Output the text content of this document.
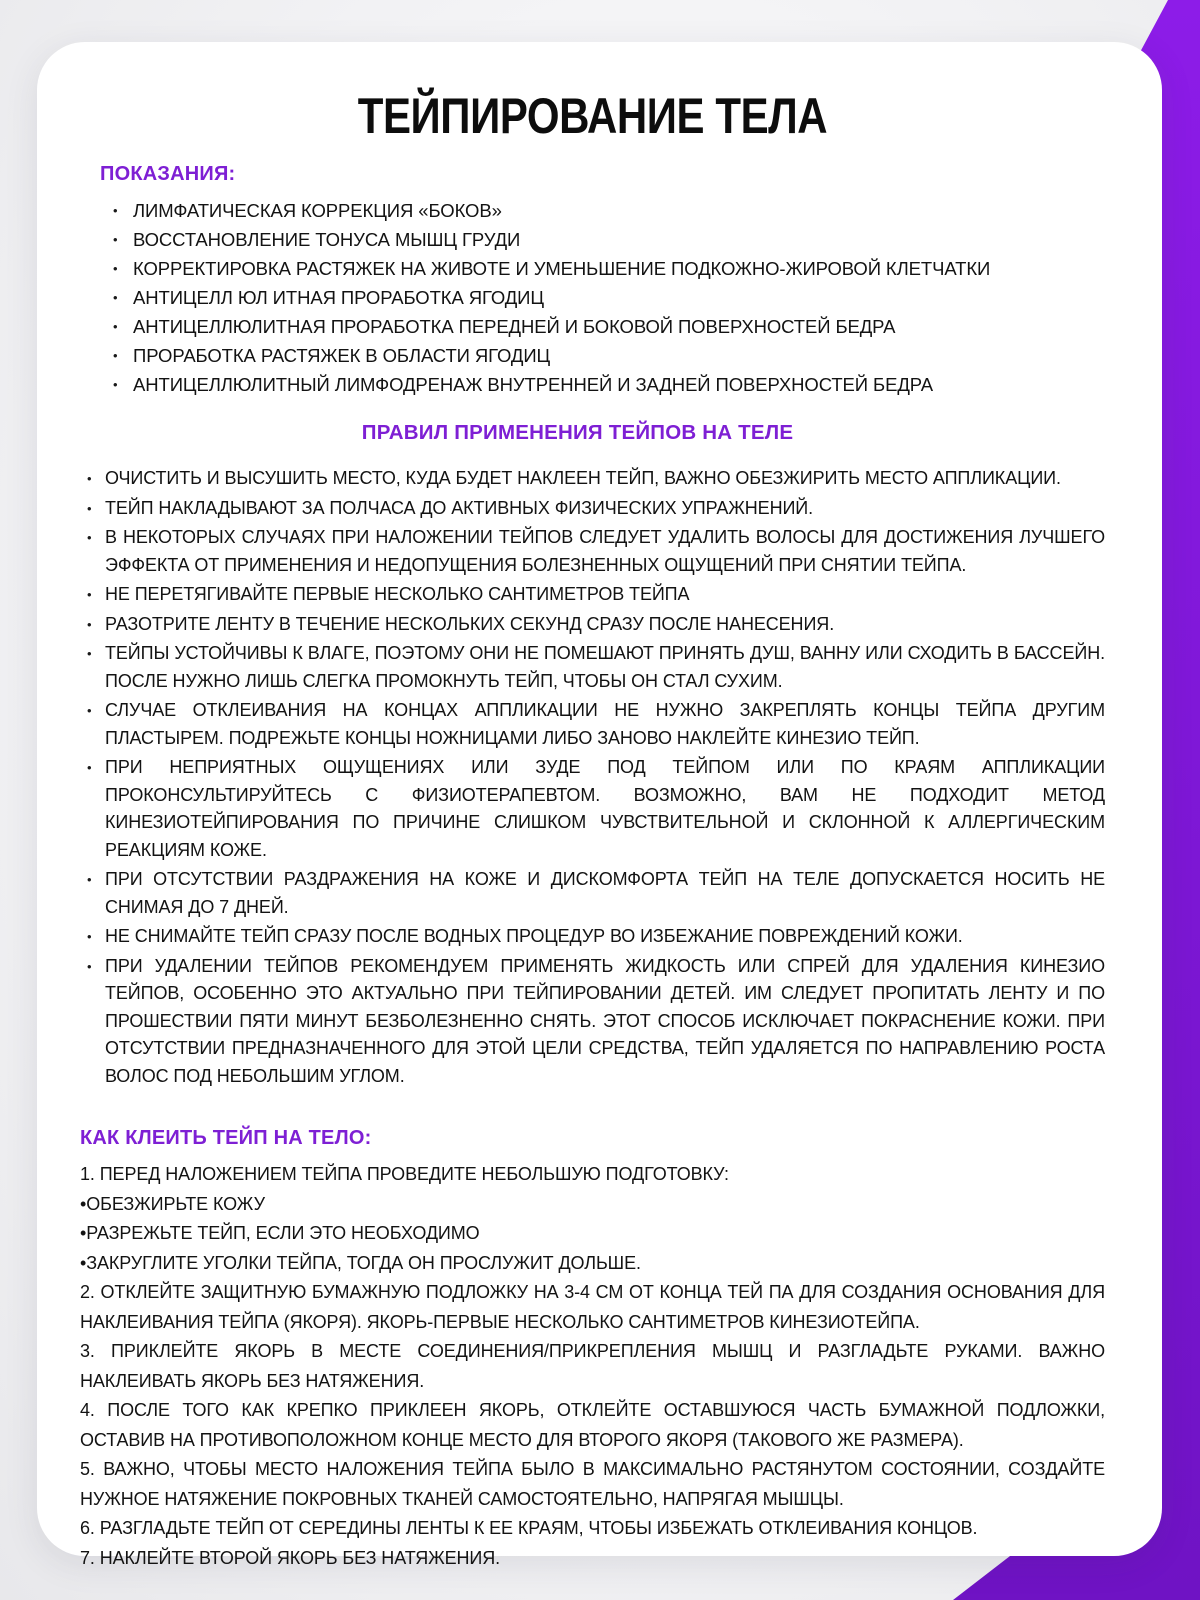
ТЕЙПИРОВАНИЕ ТЕЛА
ПОКАЗАНИЯ:
• ЛИМФАТИЧЕСКАЯ КОРРЕКЦИЯ «БОКОВ»
• ВОССТАНОВЛЕНИЕ ТОНУСА МЫШЦ ГРУДИ
• КОРРЕКТИРОВКА РАСТЯЖЕК НА ЖИВОТЕ И УМЕНЬШЕНИЕ ПОДКОЖНО-ЖИРОВОЙ КЛЕТЧАТКИ
• АНТИЦЕЛЛ ЮЛ ИТНАЯ ПРОРАБОТКА ЯГОДИЦ
• АНТИЦЕЛЛЮЛИТНАЯ ПРОРАБОТКА ПЕРЕДНЕЙ И БОКОВОЙ ПОВЕРХНОСТЕЙ БЕДРА
• ПРОРАБОТКА РАСТЯЖЕК В ОБЛАСТИ ЯГОДИЦ
• АНТИЦЕЛЛЮЛИТНЫЙ ЛИМФОДРЕНАЖ ВНУТРЕННЕЙ И ЗАДНЕЙ ПОВЕРХНОСТЕЙ БЕДРА
ПРАВИЛ ПРИМЕНЕНИЯ ТЕЙПОВ НА ТЕЛЕ
• ОЧИСТИТЬ И ВЫСУШИТЬ МЕСТО, КУДА БУДЕТ НАКЛЕЕН ТЕЙП, ВАЖНО ОБЕЗЖИРИТЬ МЕСТО АППЛИКАЦИИ.
• ТЕЙП НАКЛАДЫВАЮТ ЗА ПОЛЧАСА ДО АКТИВНЫХ ФИЗИЧЕСКИХ УПРАЖНЕНИЙ.
• В НЕКОТОРЫХ СЛУЧАЯХ ПРИ НАЛОЖЕНИИ ТЕЙПОВ СЛЕДУЕТ УДАЛИТЬ ВОЛОСЫ ДЛЯ ДОСТИЖЕНИЯ ЛУЧШЕГО ЭФФЕКТА ОТ ПРИМЕНЕНИЯ И НЕДОПУЩЕНИЯ БОЛЕЗНЕННЫХ ОЩУЩЕНИЙ ПРИ СНЯТИИ ТЕЙПА.
• НЕ ПЕРЕТЯГИВАЙТЕ ПЕРВЫЕ НЕСКОЛЬКО САНТИМЕТРОВ ТЕЙПА
• РАЗОТРИТЕ ЛЕНТУ В ТЕЧЕНИЕ НЕСКОЛЬКИХ СЕКУНД СРАЗУ ПОСЛЕ НАНЕСЕНИЯ.
• ТЕЙПЫ УСТОЙЧИВЫ К ВЛАГЕ, ПОЭТОМУ ОНИ НЕ ПОМЕШАЮТ ПРИНЯТЬ ДУШ, ВАННУ ИЛИ СХОДИТЬ В БАССЕЙН. ПОСЛЕ НУЖНО ЛИШЬ СЛЕГКА ПРОМОКНУТЬ ТЕЙП, ЧТОБЫ ОН СТАЛ СУХИМ.
• СЛУЧАЕ ОТКЛЕИВАНИЯ НА КОНЦАХ АППЛИКАЦИИ НЕ НУЖНО ЗАКРЕПЛЯТЬ КОНЦЫ ТЕЙПА ДРУГИМ ПЛАСТЫРЕМ. ПОДРЕЖЬТЕ КОНЦЫ НОЖНИЦАМИ ЛИБО ЗАНОВО НАКЛЕЙТЕ КИНЕЗИО ТЕЙП.
• ПРИ НЕПРИЯТНЫХ ОЩУЩЕНИЯХ ИЛИ ЗУДЕ ПОД ТЕЙПОМ ИЛИ ПО КРАЯМ АППЛИКАЦИИ ПРОКОНСУЛЬТИРУЙТЕСЬ С ФИЗИОТЕРАПЕВТОМ. ВОЗМОЖНО, ВАМ НЕ ПОДХОДИТ МЕТОД КИНЕЗИОТЕЙПИРОВАНИЯ ПО ПРИЧИНЕ СЛИШКОМ ЧУВСТВИТЕЛЬНОЙ И СКЛОННОЙ К АЛЛЕРГИЧЕСКИМ РЕАКЦИЯМ КОЖЕ.
• ПРИ ОТСУТСТВИИ РАЗДРАЖЕНИЯ НА КОЖЕ И ДИСКОМФОРТА ТЕЙП НА ТЕЛЕ ДОПУСКАЕТСЯ НОСИТЬ НЕ СНИМАЯ ДО 7 ДНЕЙ.
• НЕ СНИМАЙТЕ ТЕЙП СРАЗУ ПОСЛЕ ВОДНЫХ ПРОЦЕДУР ВО ИЗБЕЖАНИЕ ПОВРЕЖДЕНИЙ КОЖИ.
• ПРИ УДАЛЕНИИ ТЕЙПОВ РЕКОМЕНДУЕМ ПРИМЕНЯТЬ ЖИДКОСТЬ ИЛИ СПРЕЙ ДЛЯ УДАЛЕНИЯ КИНЕЗИО ТЕЙПОВ, ОСОБЕННО ЭТО АКТУАЛЬНО ПРИ ТЕЙПИРОВАНИИ ДЕТЕЙ. ИМ СЛЕДУЕТ ПРОПИТАТЬ ЛЕНТУ И ПО ПРОШЕСТВИИ ПЯТИ МИНУТ БЕЗБОЛЕЗНЕННО СНЯТЬ. ЭТОТ СПОСОБ ИСКЛЮЧАЕТ ПОКРАСНЕНИЕ КОЖИ. ПРИ ОТСУТСТВИИ ПРЕДНАЗНАЧЕННОГО ДЛЯ ЭТОЙ ЦЕЛИ СРЕДСТВА, ТЕЙП УДАЛЯЕТСЯ ПО НАПРАВЛЕНИЮ РОСТА ВОЛОС ПОД НЕБОЛЬШИМ УГЛОМ.
КАК КЛЕИТЬ ТЕЙП НА ТЕЛО:
1. ПЕРЕД НАЛОЖЕНИЕМ ТЕЙПА ПРОВЕДИТЕ НЕБОЛЬШУЮ ПОДГОТОВКУ:
•ОБЕЗЖИРЬТЕ КОЖУ
•РАЗРЕЖЬТЕ ТЕЙП, ЕСЛИ ЭТО НЕОБХОДИМО
•ЗАКРУГЛИТЕ УГОЛКИ ТЕЙПА, ТОГДА ОН ПРОСЛУЖИТ ДОЛЬШЕ.
2. ОТКЛЕЙТЕ ЗАЩИТНУЮ БУМАЖНУЮ ПОДЛОЖКУ НА 3-4 СМ ОТ КОНЦА ТЕЙ ПА ДЛЯ СОЗДАНИЯ ОСНОВАНИЯ ДЛЯ НАКЛЕИВАНИЯ ТЕЙПА (ЯКОРЯ). ЯКОРЬ-ПЕРВЫЕ НЕСКОЛЬКО САНТИМЕТРОВ КИНЕЗИОТЕЙПА.
3. ПРИКЛЕЙТЕ ЯКОРЬ В МЕСТЕ СОЕДИНЕНИЯ/ПРИКРЕПЛЕНИЯ МЫШЦ И РАЗГЛАДЬТЕ РУКАМИ. ВАЖНО НАКЛЕИВАТЬ ЯКОРЬ БЕЗ НАТЯЖЕНИЯ.
4. ПОСЛЕ ТОГО КАК КРЕПКО ПРИКЛЕЕН ЯКОРЬ, ОТКЛЕЙТЕ ОСТАВШУЮСЯ ЧАСТЬ БУМАЖНОЙ ПОДЛОЖКИ, ОСТАВИВ НА ПРОТИВОПОЛОЖНОМ КОНЦЕ МЕСТО ДЛЯ ВТОРОГО ЯКОРЯ (ТАКОВОГО ЖЕ РАЗМЕРА).
5. ВАЖНО, ЧТОБЫ МЕСТО НАЛОЖЕНИЯ ТЕЙПА БЫЛО В МАКСИМАЛЬНО РАСТЯНУТОМ СОСТОЯНИИ, СОЗДАЙТЕ НУЖНОЕ НАТЯЖЕНИЕ ПОКРОВНЫХ ТКАНЕЙ САМОСТОЯТЕЛЬНО, НАПРЯГАЯ МЫШЦЫ.
6. РАЗГЛАДЬТЕ ТЕЙП ОТ СЕРЕДИНЫ ЛЕНТЫ К ЕЕ КРАЯМ, ЧТОБЫ ИЗБЕЖАТЬ ОТКЛЕИВАНИЯ КОНЦОВ.
7. НАКЛЕЙТЕ ВТОРОЙ ЯКОРЬ БЕЗ НАТЯЖЕНИЯ.
